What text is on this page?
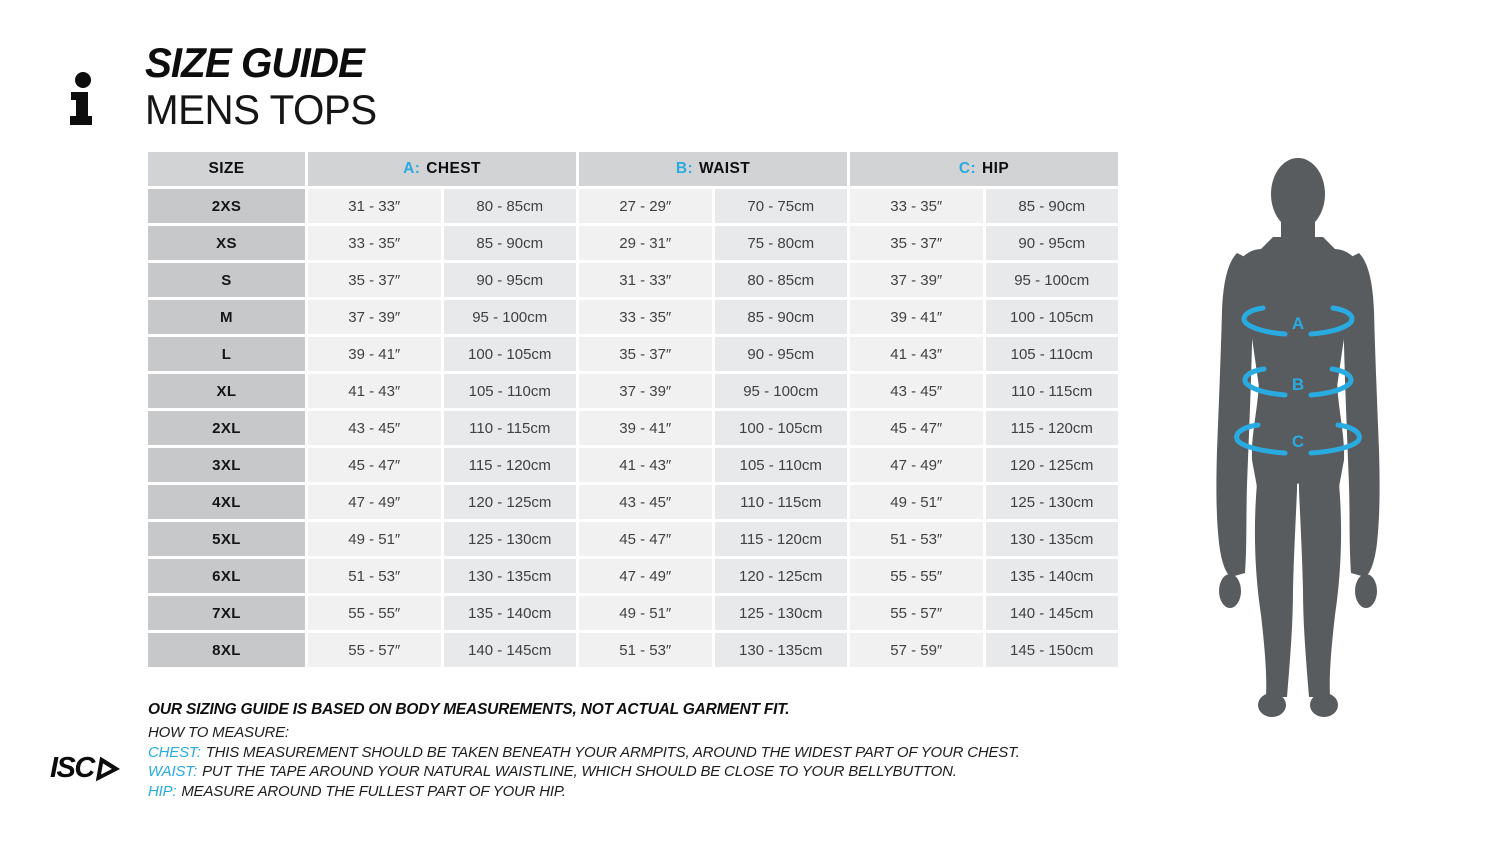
SIZE GUIDE
MENS TOPS
SIZE	A: CHEST	B: WAIST	C: HIP
2XS	31 - 33″	80 - 85cm	27 - 29″	70 - 75cm	33 - 35″	85 - 90cm
XS	33 - 35″	85 - 90cm	29 - 31″	75 - 80cm	35 - 37″	90 - 95cm
S	35 - 37″	90 - 95cm	31 - 33″	80 - 85cm	37 - 39″	95 - 100cm
M	37 - 39″	95 - 100cm	33 - 35″	85 - 90cm	39 - 41″	100 - 105cm
L	39 - 41″	100 - 105cm	35 - 37″	90 - 95cm	41 - 43″	105 - 110cm
XL	41 - 43″	105 - 110cm	37 - 39″	95 - 100cm	43 - 45″	110 - 115cm
2XL	43 - 45″	110 - 115cm	39 - 41″	100 - 105cm	45 - 47″	115 - 120cm
3XL	45 - 47″	115 - 120cm	41 - 43″	105 - 110cm	47 - 49″	120 - 125cm
4XL	47 - 49″	120 - 125cm	43 - 45″	110 - 115cm	49 - 51″	125 - 130cm
5XL	49 - 51″	125 - 130cm	45 - 47″	115 - 120cm	51 - 53″	130 - 135cm
6XL	51 - 53″	130 - 135cm	47 - 49″	120 - 125cm	55 - 55″	135 - 140cm
7XL	55 - 55″	135 - 140cm	49 - 51″	125 - 130cm	55 - 57″	140 - 145cm
8XL	55 - 57″	140 - 145cm	51 - 53″	130 - 135cm	57 - 59″	145 - 150cm
A
B
C
OUR SIZING GUIDE IS BASED ON BODY MEASUREMENTS, NOT ACTUAL GARMENT FIT.
HOW TO MEASURE:
CHEST: THIS MEASUREMENT SHOULD BE TAKEN BENEATH YOUR ARMPITS, AROUND THE WIDEST PART OF YOUR CHEST.
WAIST: PUT THE TAPE AROUND YOUR NATURAL WAISTLINE, WHICH SHOULD BE CLOSE TO YOUR BELLYBUTTON.
HIP: MEASURE AROUND THE FULLEST PART OF YOUR HIP.
ISC
